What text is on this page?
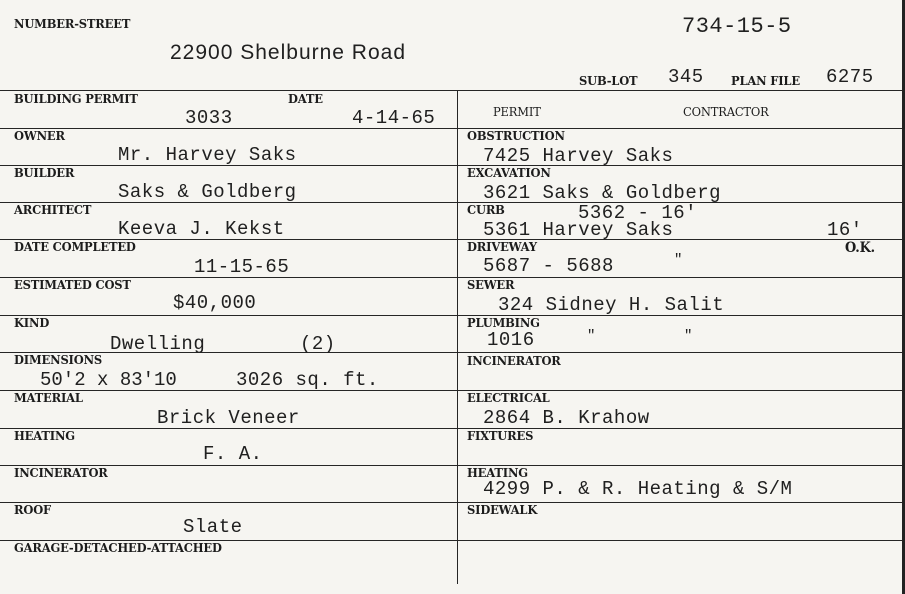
NUMBER-STREET
22900 Shelburne Road
734-15-5
SUB-LOT 345 PLAN FILE 6275
BUILDING PERMIT	DATE
3033	4-14-65
OWNER
Mr. Harvey Saks
BUILDER
Saks & Goldberg
ARCHITECT
Keeva J. Kekst
DATE COMPLETED
11-15-65
ESTIMATED COST
$40,000
KIND
Dwelling	(2)
DIMENSIONS
50'2 x 83'10	3026 sq. ft.
MATERIAL
Brick Veneer
HEATING
F. A.
INCINERATOR
ROOF
Slate
GARAGE-DETACHED-ATTACHED
PERMIT	CONTRACTOR
OBSTRUCTION
7425 Harvey Saks
EXCAVATION
3621 Saks & Goldberg
CURB	5362 - 16'
5361 Harvey Saks	16'
O.K.
DRIVEWAY
5687 - 5688	"
SEWER
324 Sidney H. Salit
PLUMBING
1016	"	"
INCINERATOR
ELECTRICAL
2864 B. Krahow
FIXTURES
HEATING
4299 P. & R. Heating & S/M
SIDEWALK
